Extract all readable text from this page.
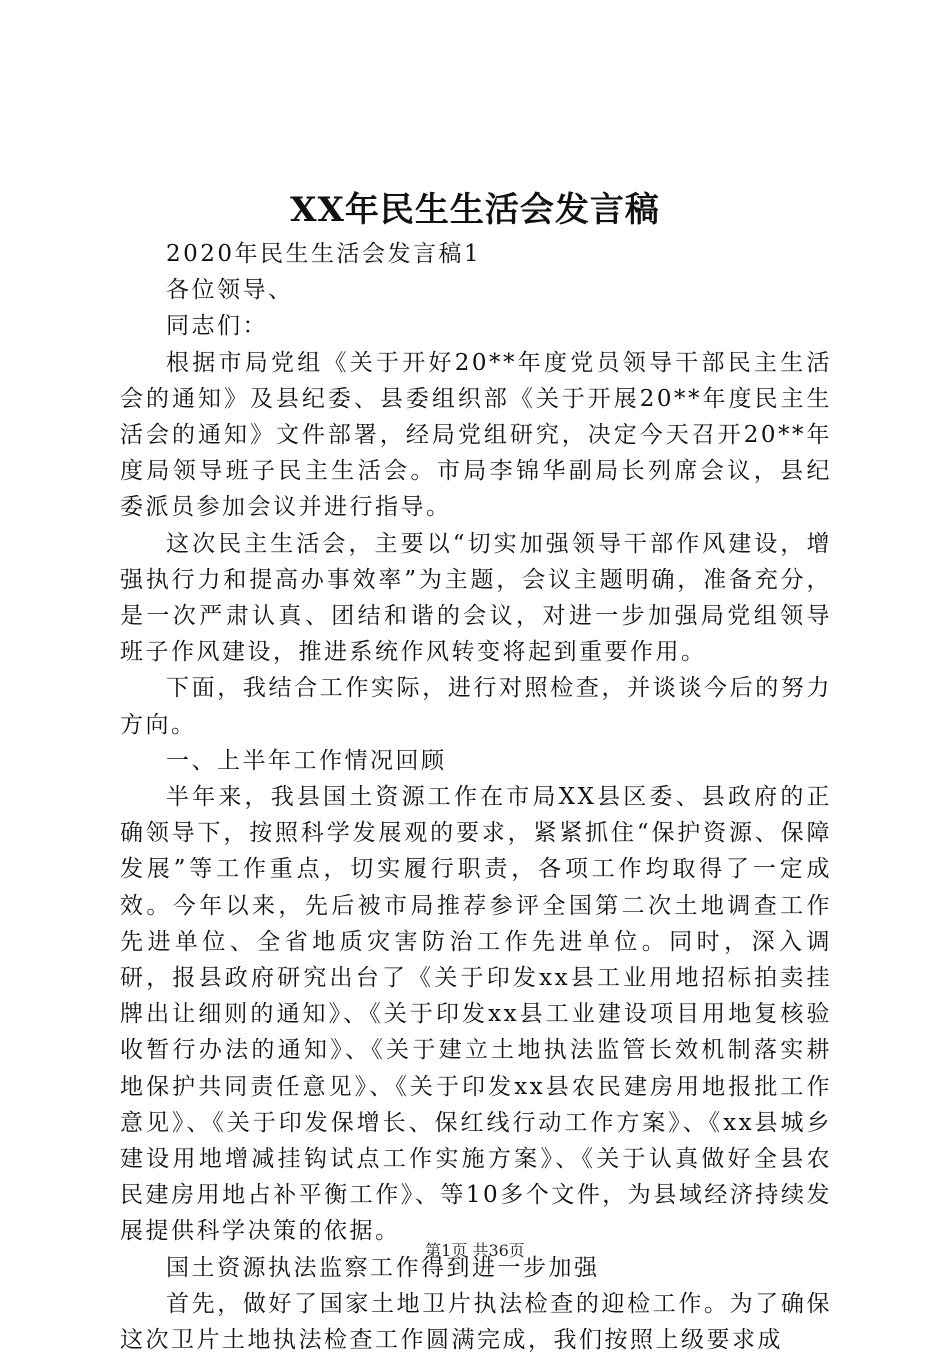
XX年民生生活会发言稿

2020年民生生活会发言稿1

各位领导、

同志们：

根据市局党组《关于开好20**年度党员领导干部民主生活会的通知》及县纪委、县委组织部《关于开展20**年度民主生活会的通知》文件部署，经局党组研究，决定今天召开20**年度局领导班子民主生活会。市局李锦华副局长列席会议，县纪委派员参加会议并进行指导。

这次民主生活会，主要以“切实加强领导干部作风建设，增强执行力和提高办事效率”为主题，会议主题明确，准备充分，是一次严肃认真、团结和谐的会议，对进一步加强局党组领导班子作风建设，推进系统作风转变将起到重要作用。

下面，我结合工作实际，进行对照检查，并谈谈今后的努力方向。

一、上半年工作情况回顾

半年来，我县国土资源工作在市局XX县区委、县政府的正确领导下，按照科学发展观的要求，紧紧抓住“保护资源、保障发展”等工作重点，切实履行职责，各项工作均取得了一定成效。今年以来，先后被市局推荐参评全国第二次土地调查工作先进单位、全省地质灾害防治工作先进单位。同时，深入调研，报县政府研究出台了《关于印发xx县工业用地招标拍卖挂牌出让细则的通知》、《关于印发xx县工业建设项目用地复核验收暂行办法的通知》、《关于建立土地执法监管长效机制落实耕地保护共同责任意见》、《关于印发xx县农民建房用地报批工作意见》、《关于印发保增长、保红线行动工作方案》、《xx县城乡建设用地增减挂钩试点工作实施方案》、《关于认真做好全县农民建房用地占补平衡工作》、等10多个文件，为县域经济持续发展提供科学决策的依据。

国土资源执法监察工作得到进一步加强

首先，做好了国家土地卫片执法检查的迎检工作。为了确保这次卫片土地执法检查工作圆满完成，我们按照上级要求成

第1页 共36页
